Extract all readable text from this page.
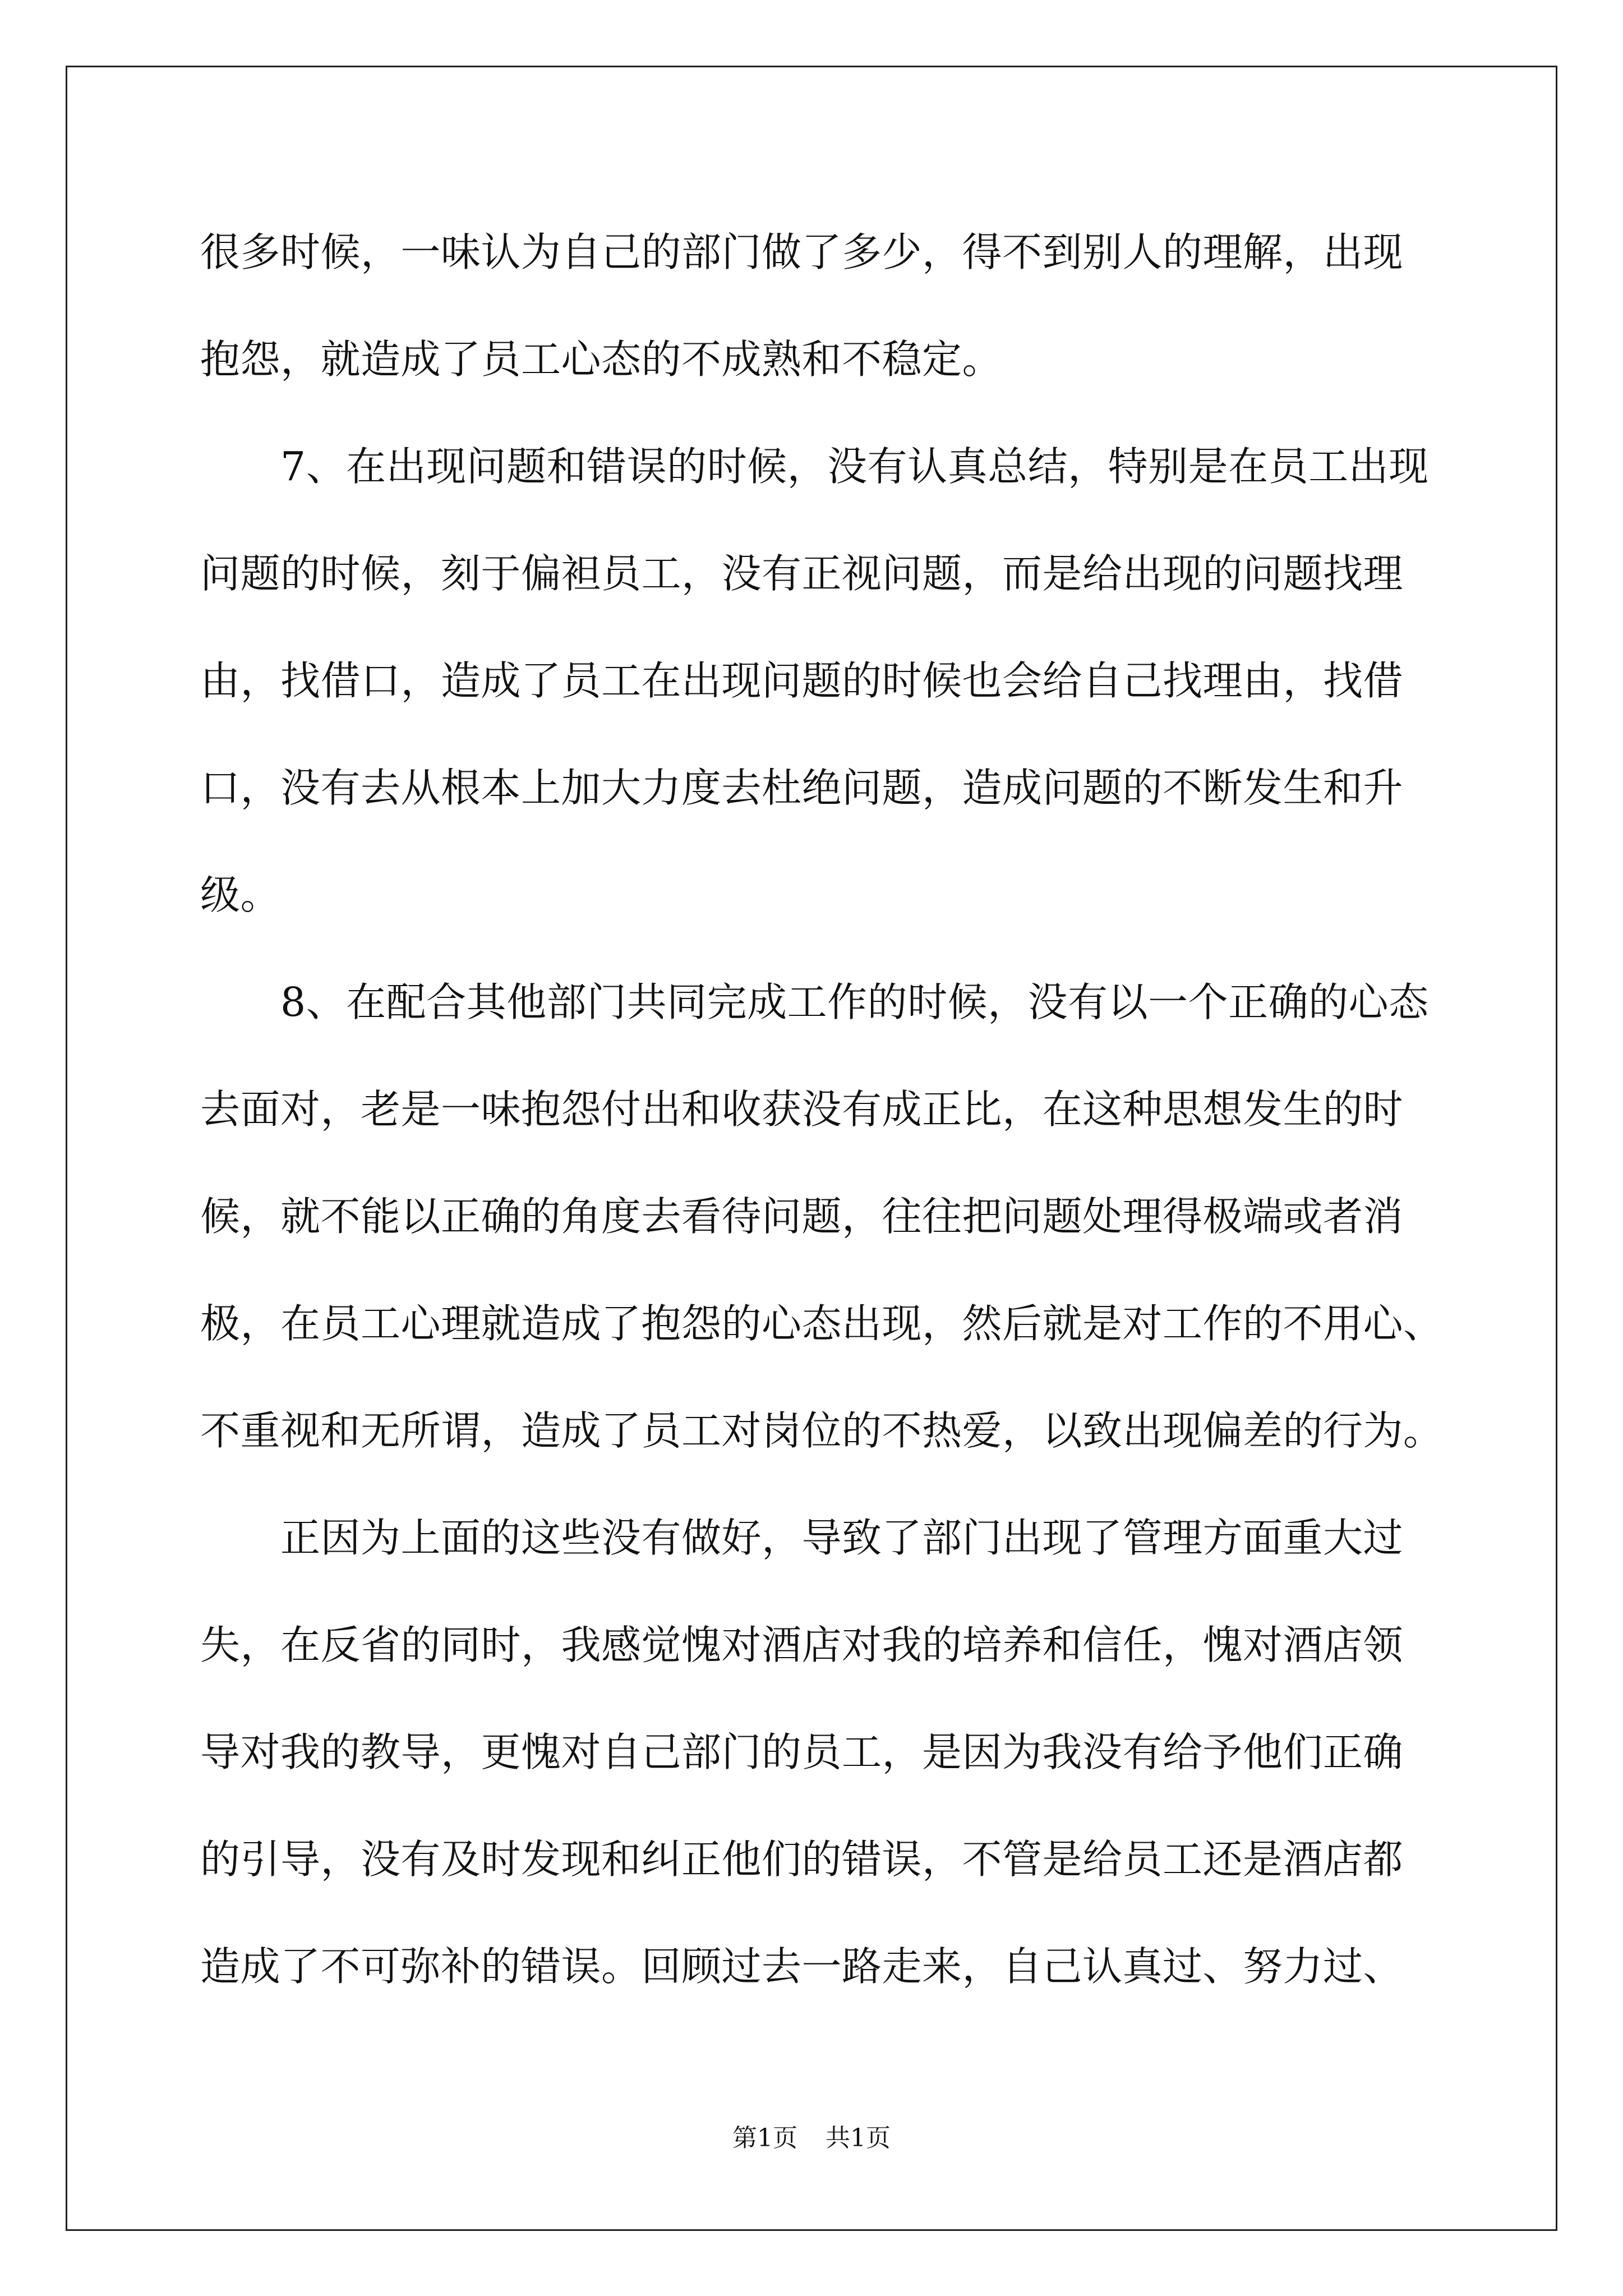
很多时候，一味认为自己的部门做了多少，得不到别人的理解，出现
抱怨，就造成了员工心态的不成熟和不稳定。
　　7、在出现问题和错误的时候，没有认真总结，特别是在员工出现
问题的时候，刻于偏袒员工，没有正视问题，而是给出现的问题找理
由，找借口，造成了员工在出现问题的时候也会给自己找理由，找借
口，没有去从根本上加大力度去杜绝问题，造成问题的不断发生和升
级。
　　8、在配合其他部门共同完成工作的时候，没有以一个正确的心态
去面对，老是一味抱怨付出和收获没有成正比，在这种思想发生的时
候，就不能以正确的角度去看待问题，往往把问题处理得极端或者消
极，在员工心理就造成了抱怨的心态出现，然后就是对工作的不用心、
不重视和无所谓，造成了员工对岗位的不热爱，以致出现偏差的行为。
　　正因为上面的这些没有做好，导致了部门出现了管理方面重大过
失，在反省的同时，我感觉愧对酒店对我的培养和信任，愧对酒店领
导对我的教导，更愧对自己部门的员工，是因为我没有给予他们正确
的引导，没有及时发现和纠正他们的错误，不管是给员工还是酒店都
造成了不可弥补的错误。回顾过去一路走来，自己认真过、努力过、
第1页 共1页
